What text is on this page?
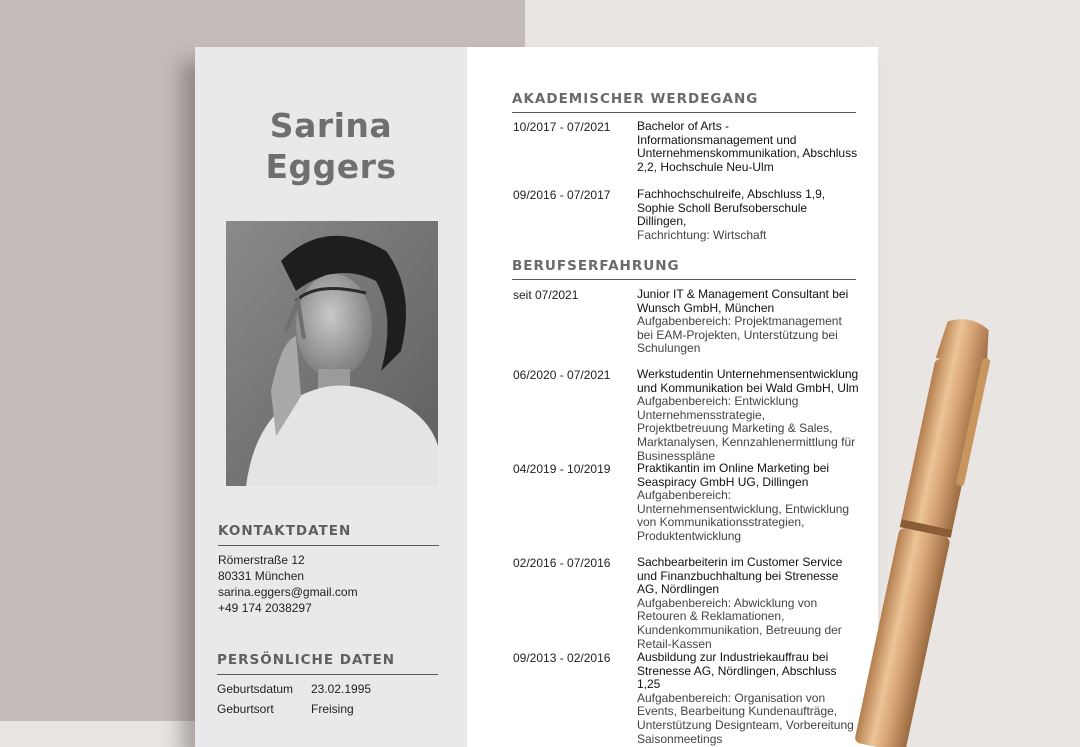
Sarina
Eggers
KONTAKTDATEN
Römerstraße 12
80331 München
sarina.eggers@gmail.com
+49 174 2038297
PERSÖNLICHE DATEN
Geburtsdatum 23.02.1995
Geburtsort	Freising
AKADEMISCHER WERDEGANG
10/2017 - 07/2021 Bachelor of Arts - Informationsmanagement und Unternehmenskommunikation, Abschluss 2,2, Hochschule Neu-Ulm
09/2016 - 07/2017 Fachhochschulreife, Abschluss 1,9, Sophie Scholl Berufsoberschule Dillingen,
Fachrichtung: Wirtschaft
BERUFSERFAHRUNG
seit 07/2021	Junior IT & Management Consultant bei Wunsch GmbH, München
Aufgabenbereich: Projektmanagement bei EAM-Projekten, Unterstützung bei Schulungen
06/2020 - 07/2021 Werkstudentin Unternehmensentwicklung und Kommunikation bei Wald GmbH, Ulm
Aufgabenbereich: Entwicklung Unternehmensstrategie, Projektbetreuung Marketing & Sales, Marktanalysen, Kennzahlenermittlung für Businesspläne
04/2019 - 10/2019 Praktikantin im Online Marketing bei Seaspiracy GmbH UG, Dillingen
Aufgabenbereich: Unternehmensentwicklung, Entwicklung von Kommunikationsstrategien, Produktentwicklung
02/2016 - 07/2016 Sachbearbeiterin im Customer Service und Finanzbuchhaltung bei Strenesse AG, Nördlingen
Aufgabenbereich: Abwicklung von Retouren & Reklamationen, Kundenkommunikation, Betreuung der Retail-Kassen
09/2013 - 02/2016 Ausbildung zur Industriekauffrau bei Strenesse AG, Nördlingen, Abschluss 1,25
Aufgabenbereich: Organisation von Events, Bearbeitung Kundenaufträge, Unterstützung Designteam, Vorbereitung Saisonmeetings
